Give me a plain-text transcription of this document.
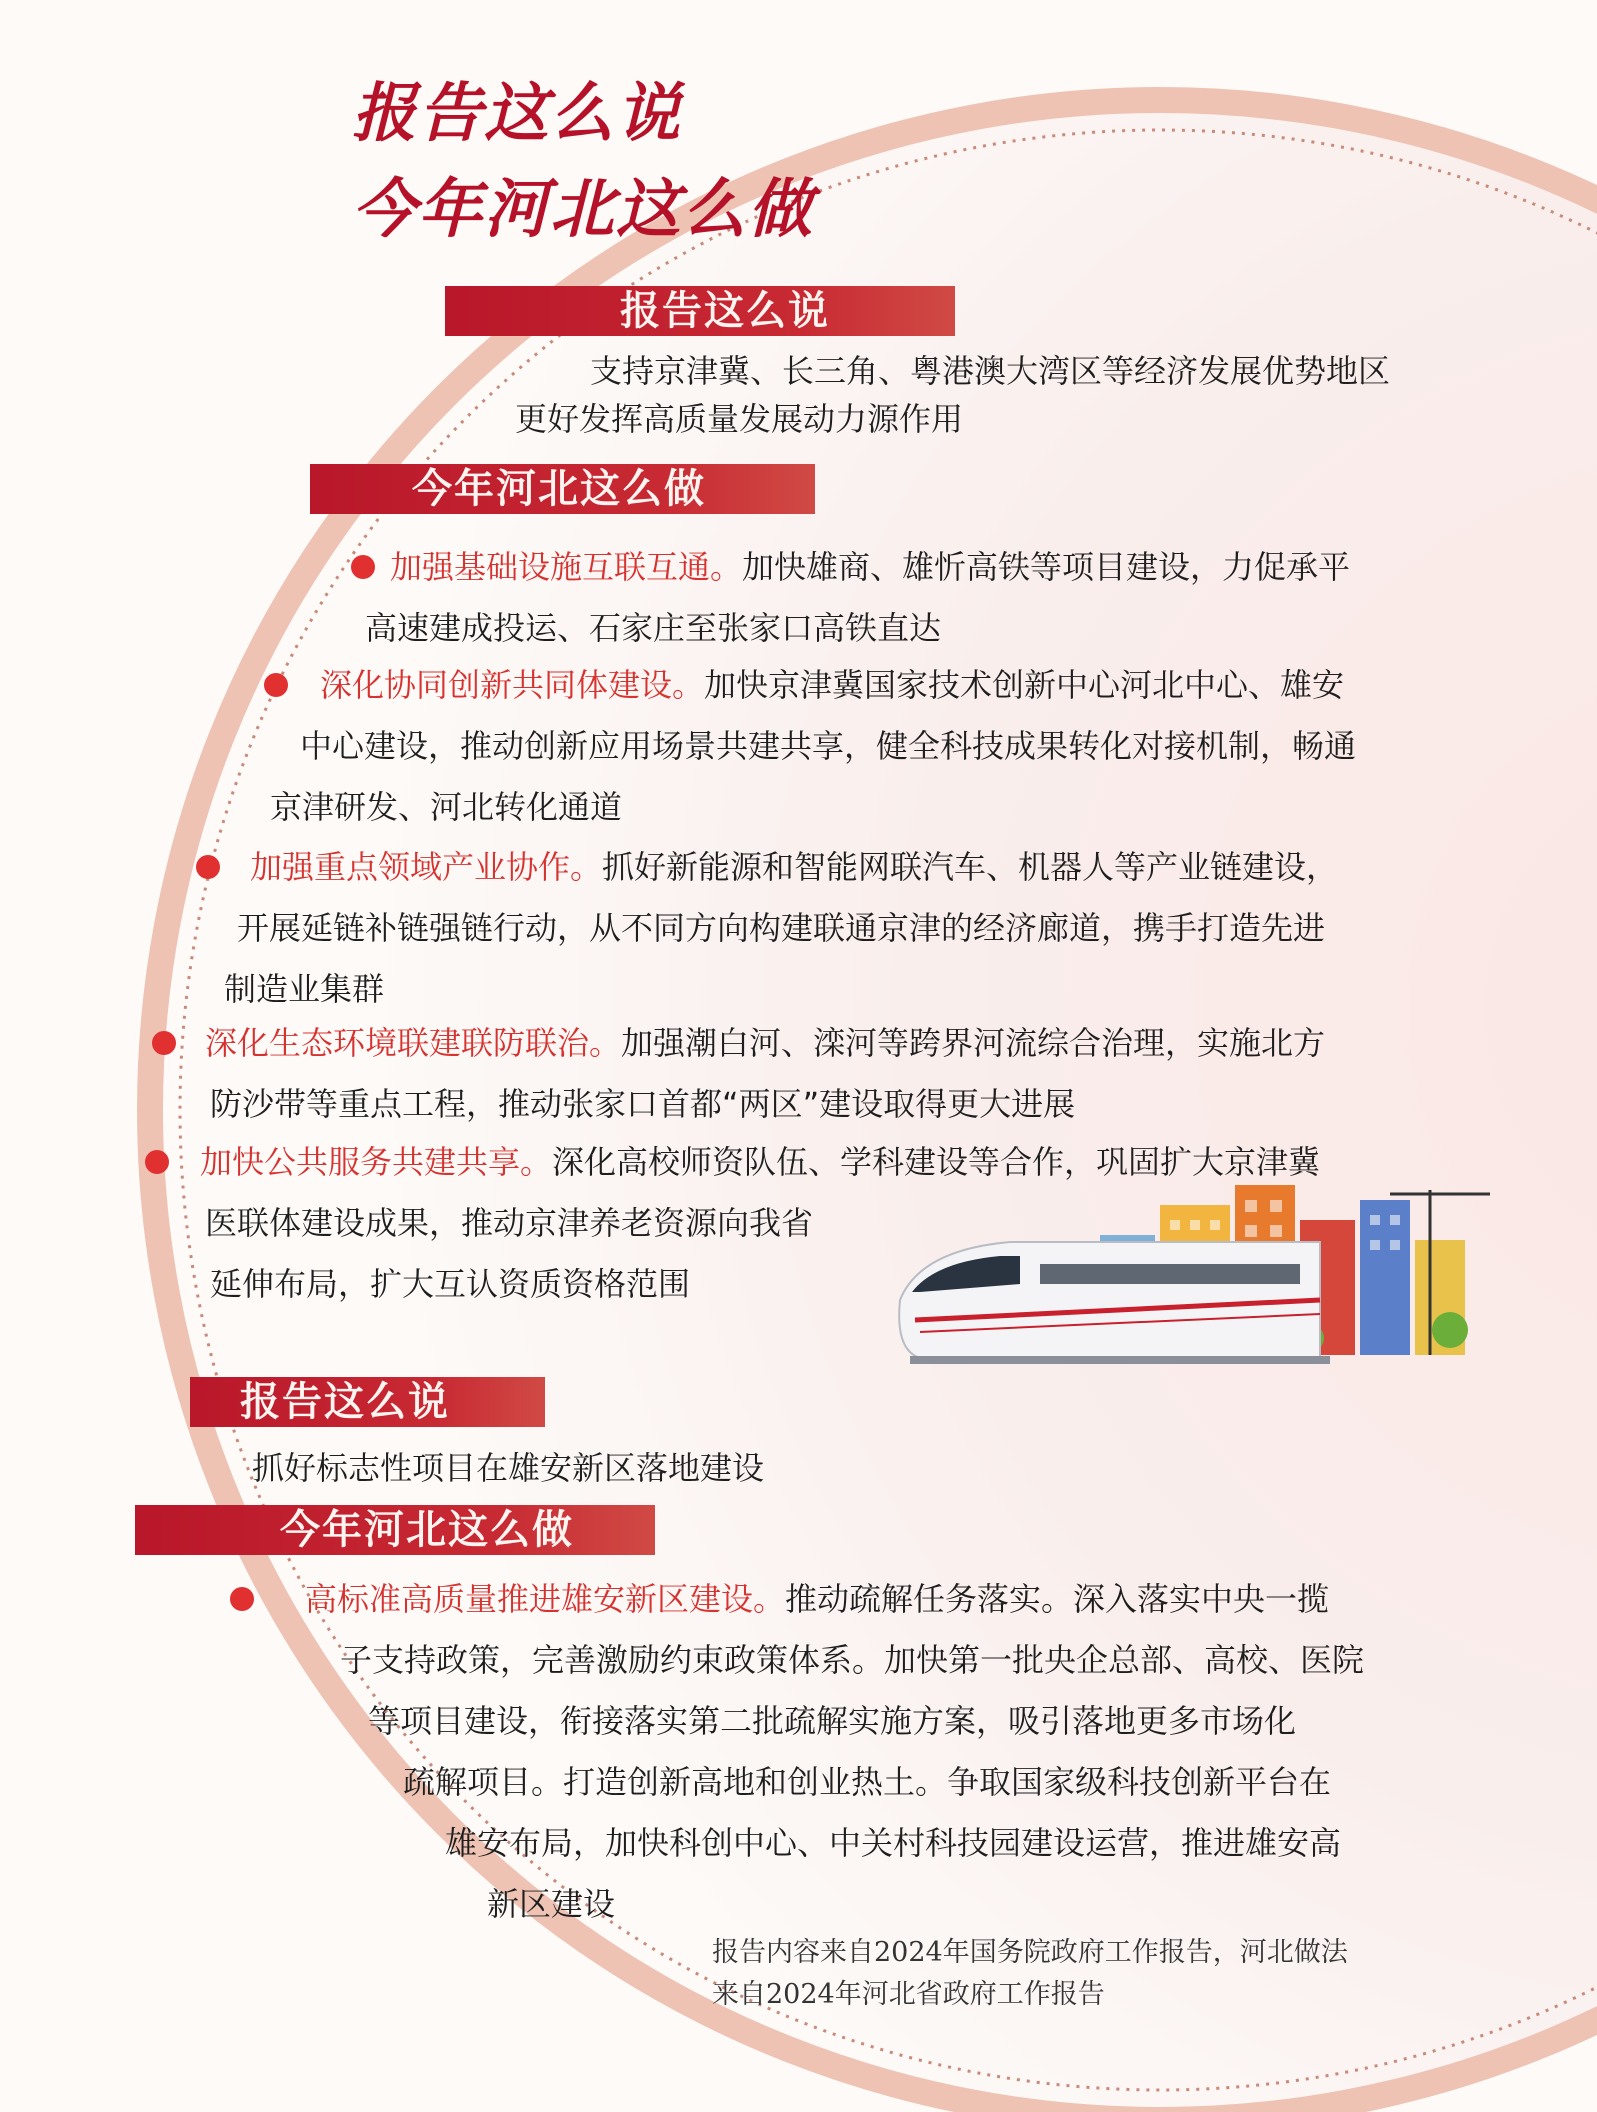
报告这么说
今年河北这么做
报告这么说

支持京津冀、长三角、粤港澳大湾区等经济发展优势地区

更好发挥高质量发展动力源作用

今年河北这么做

加强基础设施互联互通。加快雄商、雄忻高铁等项目建设，力促承平

高速建成投运、石家庄至张家口高铁直达

深化协同创新共同体建设。加快京津冀国家技术创新中心河北中心、雄安

中心建设，推动创新应用场景共建共享，健全科技成果转化对接机制，畅通

京津研发、河北转化通道

加强重点领域产业协作。抓好新能源和智能网联汽车、机器人等产业链建设，

开展延链补链强链行动，从不同方向构建联通京津的经济廊道，携手打造先进

制造业集群

深化生态环境联建联防联治。加强潮白河、滦河等跨界河流综合治理，实施北方

防沙带等重点工程，推动张家口首都“两区”建设取得更大进展

加快公共服务共建共享。深化高校师资队伍、学科建设等合作，巩固扩大京津冀

医联体建设成果，推动京津养老资源向我省

延伸布局，扩大互认资质资格范围

报告这么说

抓好标志性项目在雄安新区落地建设

今年河北这么做

高标准高质量推进雄安新区建设。推动疏解任务落实。深入落实中央一揽

子支持政策，完善激励约束政策体系。加快第一批央企总部、高校、医院

等项目建设，衔接落实第二批疏解实施方案，吸引落地更多市场化

疏解项目。打造创新高地和创业热土。争取国家级科技创新平台在

雄安布局，加快科创中心、中关村科技园建设运营，推进雄安高

新区建设

报告内容来自2024年国务院政府工作报告，河北做法

来自2024年河北省政府工作报告
